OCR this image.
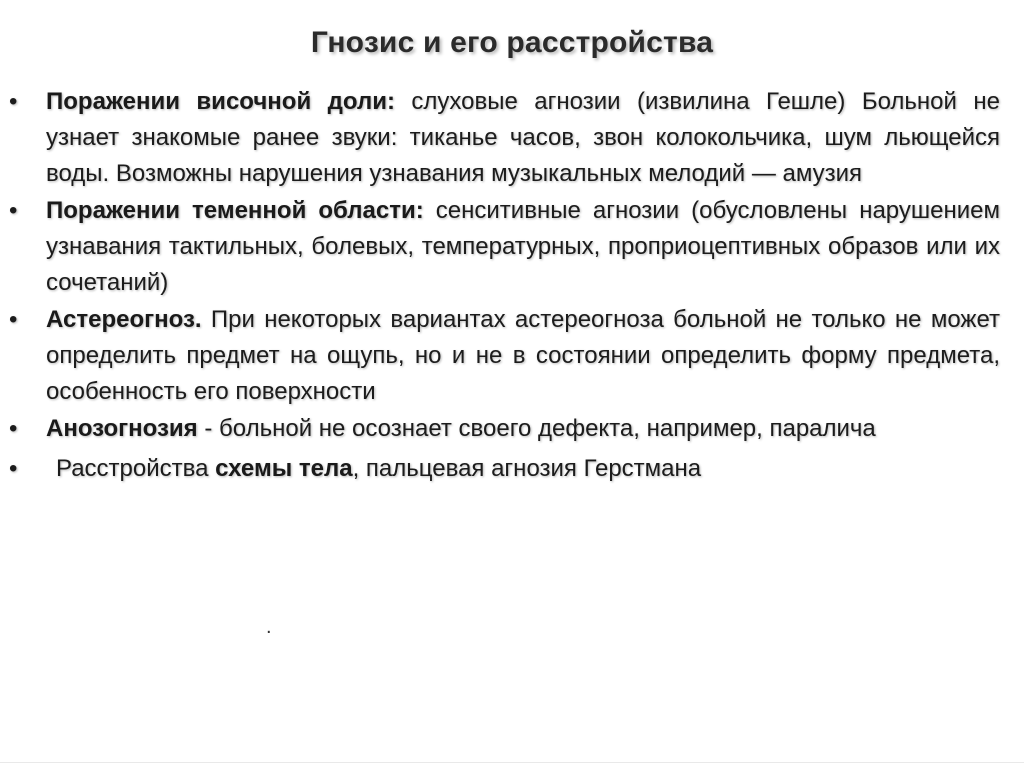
Гнозис и его расстройства
• Поражении височной доли: слуховые агнозии (извилина Гешле) Больной не узнает знакомые ранее звуки: тиканье часов, звон колокольчика, шум льющейся воды. Возможны нарушения узнавания музыкальных мелодий — амузия
• Поражении теменной области: сенситивные агнозии (обусловлены нарушением узнавания тактильных, болевых, температурных, проприоцептивных образов или их сочетаний)
• Астереогноз. При некоторых вариантах астереогноза больной не только не может определить предмет на ощупь, но и не в состоянии определить форму предмета, особенность его поверхности
• Анозогнозия - больной не осознает своего дефекта, например, паралича
• Расстройства схемы тела, пальцевая агнозия Герстмана
.
